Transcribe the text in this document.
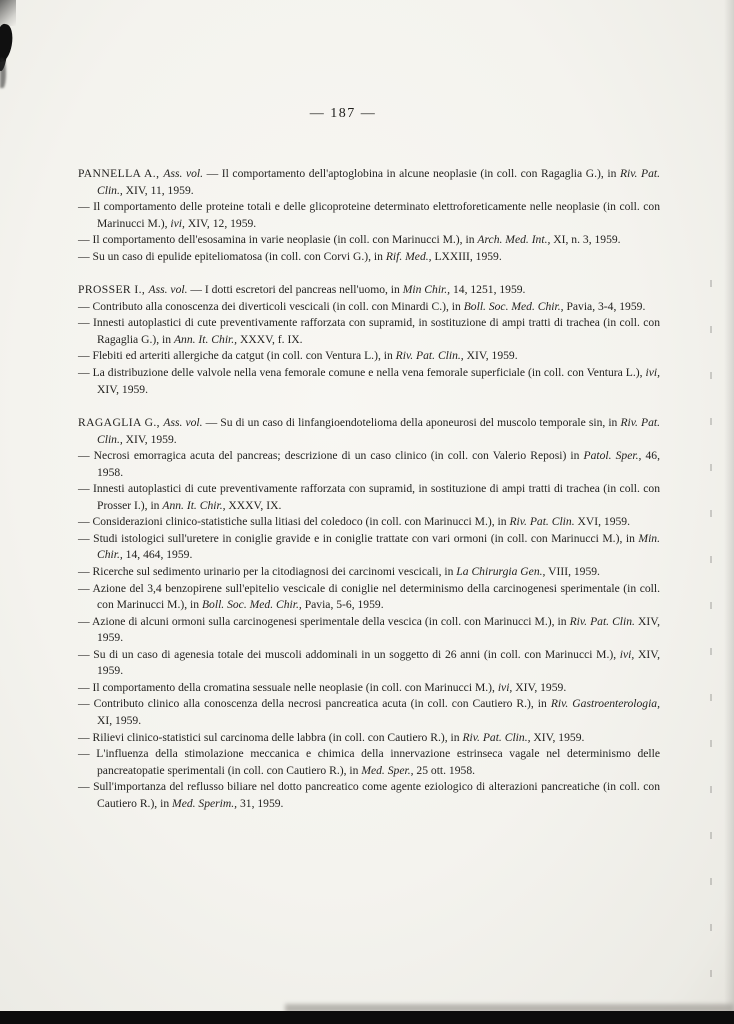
— 187 —

PANNELLA A., Ass. vol. — Il comportamento dell'aptoglobina in alcune neoplasie (in coll. con Ragaglia G.), in Riv. Pat. Clin., XIV, 11, 1959.

— Il comportamento delle proteine totali e delle glicoproteine determinato elettroforeticamente nelle neoplasie (in coll. con Marinucci M.), ivi, XIV, 12, 1959.

— Il comportamento dell'esosamina in varie neoplasie (in coll. con Marinucci M.), in Arch. Med. Int., XI, n. 3, 1959.

— Su un caso di epulide epiteliomatosa (in coll. con Corvi G.), in Rif. Med., LXXIII, 1959.

PROSSER I., Ass. vol. — I dotti escretori del pancreas nell'uomo, in Min Chir., 14, 1251, 1959.

— Contributo alla conoscenza dei diverticoli vescicali (in coll. con Minardi C.), in Boll. Soc. Med. Chir., Pavia, 3-4, 1959.

— Innesti autoplastici di cute preventivamente rafforzata con supramid, in sostituzione di ampi tratti di trachea (in coll. con Ragaglia G.), in Ann. It. Chir., XXXV, f. IX.

— Flebiti ed arteriti allergiche da catgut (in coll. con Ventura L.), in Riv. Pat. Clin., XIV, 1959.

— La distribuzione delle valvole nella vena femorale comune e nella vena femorale superficiale (in coll. con Ventura L.), ivi, XIV, 1959.

RAGAGLIA G., Ass. vol. — Su di un caso di linfangioendotelioma della aponeurosi del muscolo temporale sin, in Riv. Pat. Clin., XIV, 1959.

— Necrosi emorragica acuta del pancreas; descrizione di un caso clinico (in coll. con Valerio Reposi) in Patol. Sper., 46, 1958.

— Innesti autoplastici di cute preventivamente rafforzata con supramid, in sostituzione di ampi tratti di trachea (in coll. con Prosser I.), in Ann. It. Chir., XXXV, IX.

— Considerazioni clinico-statistiche sulla litiasi del coledoco (in coll. con Marinucci M.), in Riv. Pat. Clin. XVI, 1959.

— Studi istologici sull'uretere in coniglie gravide e in coniglie trattate con vari ormoni (in coll. con Marinucci M.), in Min. Chir., 14, 464, 1959.

— Ricerche sul sedimento urinario per la citodiagnosi dei carcinomi vescicali, in La Chirurgia Gen., VIII, 1959.

— Azione del 3,4 benzopirene sull'epitelio vescicale di coniglie nel determinismo della carcinogenesi sperimentale (in coll. con Marinucci M.), in Boll. Soc. Med. Chir., Pavia, 5-6, 1959.

— Azione di alcuni ormoni sulla carcinogenesi sperimentale della vescica (in coll. con Marinucci M.), in Riv. Pat. Clin. XIV, 1959.

— Su di un caso di agenesia totale dei muscoli addominali in un soggetto di 26 anni (in coll. con Marinucci M.), ivi, XIV, 1959.

— Il comportamento della cromatina sessuale nelle neoplasie (in coll. con Marinucci M.), ivi, XIV, 1959.

— Contributo clinico alla conoscenza della necrosi pancreatica acuta (in coll. con Cautiero R.), in Riv. Gastroenterologia, XI, 1959.

— Rilievi clinico-statistici sul carcinoma delle labbra (in coll. con Cautiero R.), in Riv. Pat. Clin., XIV, 1959.

— L'influenza della stimolazione meccanica e chimica della innervazione estrinseca vagale nel determinismo delle pancreatopatie sperimentali (in coll. con Cautiero R.), in Med. Sper., 25 ott. 1958.

— Sull'importanza del reflusso biliare nel dotto pancreatico come agente eziologico di alterazioni pancreatiche (in coll. con Cautiero R.), in Med. Sperim., 31, 1959.
